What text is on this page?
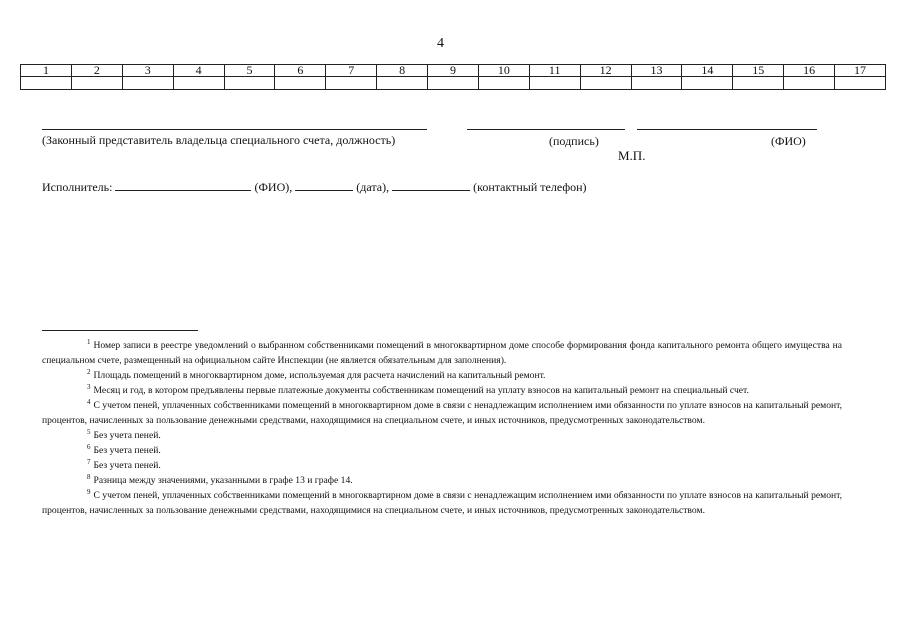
4
1	2	3	4	5	6	7	8	9	10	11	12	13	14	15	16	17

(Законный представитель владельца специального счета, должность)	(подпись)	(ФИО)
М.П.
Исполнитель:	(ФИО),	(дата),	(контактный телефон)

$^1$ Номер записи в реестре уведомлений о выбранном собственниками помещений в многоквартирном доме способе формирования фонда капитального ремонта общего имущества на специальном счете, размещенный на официальном сайте Инспекции (не является обязательным для заполнения).

$^2$ Площадь помещений в многоквартирном доме, используемая для расчета начислений на капитальный ремонт.

$^3$ Месяц и год, в котором предъявлены первые платежные документы собственникам помещений на уплату взносов на капитальный ремонт на специальный счет.

$^4$ С учетом пеней, уплаченных собственниками помещений в многоквартирном доме в связи с ненадлежащим исполнением ими обязанности по уплате взносов на капитальный ремонт, процентов, начисленных за пользование денежными средствами, находящимися на специальном счете, и иных источников, предусмотренных законодательством.

$^5$ Без учета пеней.

$^6$ Без учета пеней.

$^7$ Без учета пеней.

$^8$ Разница между значениями, указанными в графе 13 и графе 14.

$^9$ С учетом пеней, уплаченных собственниками помещений в многоквартирном доме в связи с ненадлежащим исполнением ими обязанности по уплате взносов на капитальный ремонт, процентов, начисленных за пользование денежными средствами, находящимися на специальном счете, и иных источников, предусмотренных законодательством.
